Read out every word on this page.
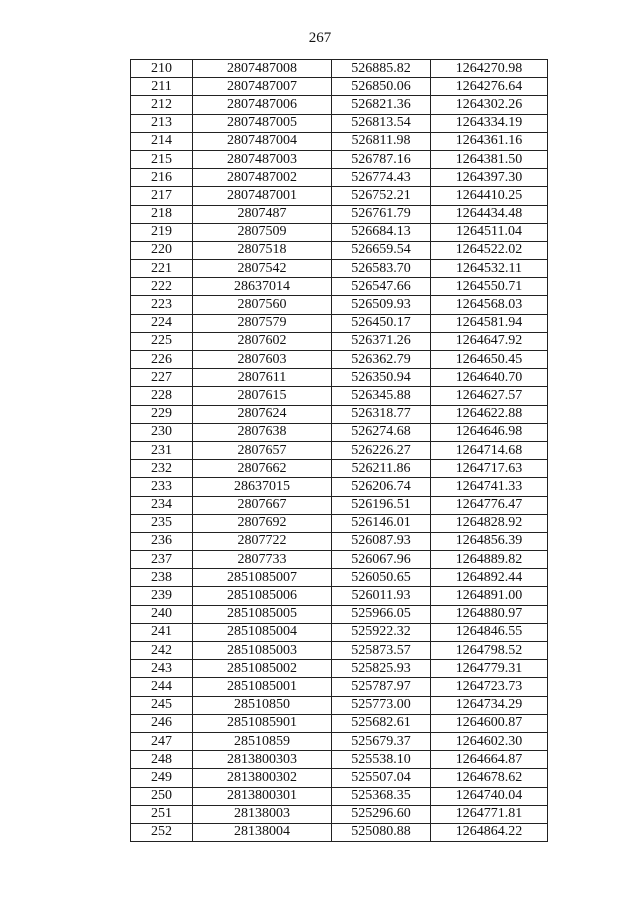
267
210	2807487008	526885.82	1264270.98
211	2807487007	526850.06	1264276.64
212	2807487006	526821.36	1264302.26
213	2807487005	526813.54	1264334.19
214	2807487004	526811.98	1264361.16
215	2807487003	526787.16	1264381.50
216	2807487002	526774.43	1264397.30
217	2807487001	526752.21	1264410.25
218	2807487	526761.79	1264434.48
219	2807509	526684.13	1264511.04
220	2807518	526659.54	1264522.02
221	2807542	526583.70	1264532.11
222	28637014	526547.66	1264550.71
223	2807560	526509.93	1264568.03
224	2807579	526450.17	1264581.94
225	2807602	526371.26	1264647.92
226	2807603	526362.79	1264650.45
227	2807611	526350.94	1264640.70
228	2807615	526345.88	1264627.57
229	2807624	526318.77	1264622.88
230	2807638	526274.68	1264646.98
231	2807657	526226.27	1264714.68
232	2807662	526211.86	1264717.63
233	28637015	526206.74	1264741.33
234	2807667	526196.51	1264776.47
235	2807692	526146.01	1264828.92
236	2807722	526087.93	1264856.39
237	2807733	526067.96	1264889.82
238	2851085007	526050.65	1264892.44
239	2851085006	526011.93	1264891.00
240	2851085005	525966.05	1264880.97
241	2851085004	525922.32	1264846.55
242	2851085003	525873.57	1264798.52
243	2851085002	525825.93	1264779.31
244	2851085001	525787.97	1264723.73
245	28510850	525773.00	1264734.29
246	2851085901	525682.61	1264600.87
247	28510859	525679.37	1264602.30
248	2813800303	525538.10	1264664.87
249	2813800302	525507.04	1264678.62
250	2813800301	525368.35	1264740.04
251	28138003	525296.60	1264771.81
252	28138004	525080.88	1264864.22
